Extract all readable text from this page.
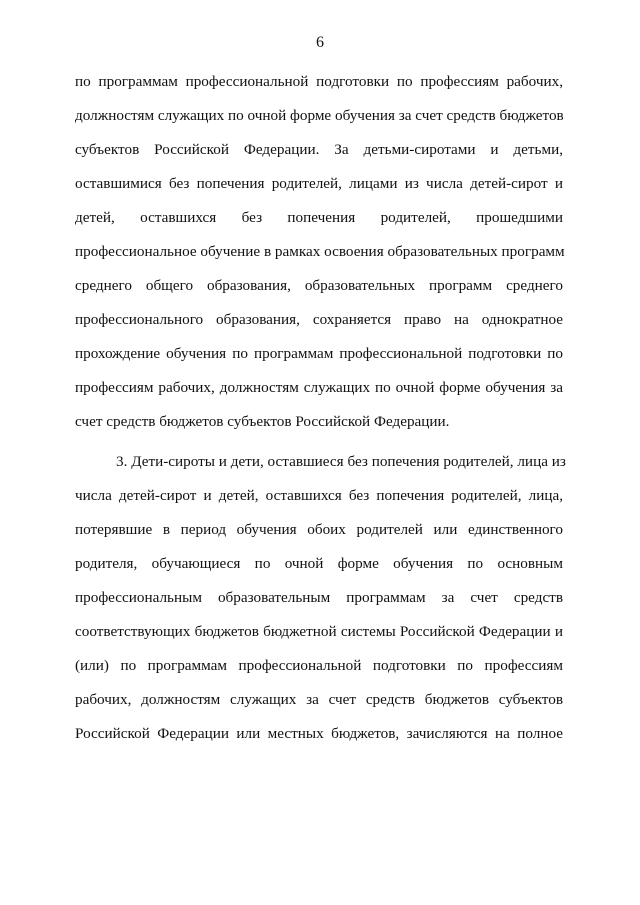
6
по программам профессиональной подготовки по профессиям рабочих,
должностям служащих по очной форме обучения за счет средств бюджетов
субъектов Российской Федерации. За детьми-сиротами и детьми,
оставшимися без попечения родителей, лицами из числа детей-сирот и
детей, оставшихся без попечения родителей, прошедшими
профессиональное обучение в рамках освоения образовательных программ
среднего общего образования, образовательных программ среднего
профессионального образования, сохраняется право на однократное
прохождение обучения по программам профессиональной подготовки по
профессиям рабочих, должностям служащих по очной форме обучения за
счет средств бюджетов субъектов Российской Федерации.
3. Дети-сироты и дети, оставшиеся без попечения родителей, лица из
числа детей-сирот и детей, оставшихся без попечения родителей, лица,
потерявшие в период обучения обоих родителей или единственного
родителя, обучающиеся по очной форме обучения по основным
профессиональным образовательным программам за счет средств
соответствующих бюджетов бюджетной системы Российской Федерации и
(или) по программам профессиональной подготовки по профессиям
рабочих, должностям служащих за счет средств бюджетов субъектов
Российской Федерации или местных бюджетов, зачисляются на полное
